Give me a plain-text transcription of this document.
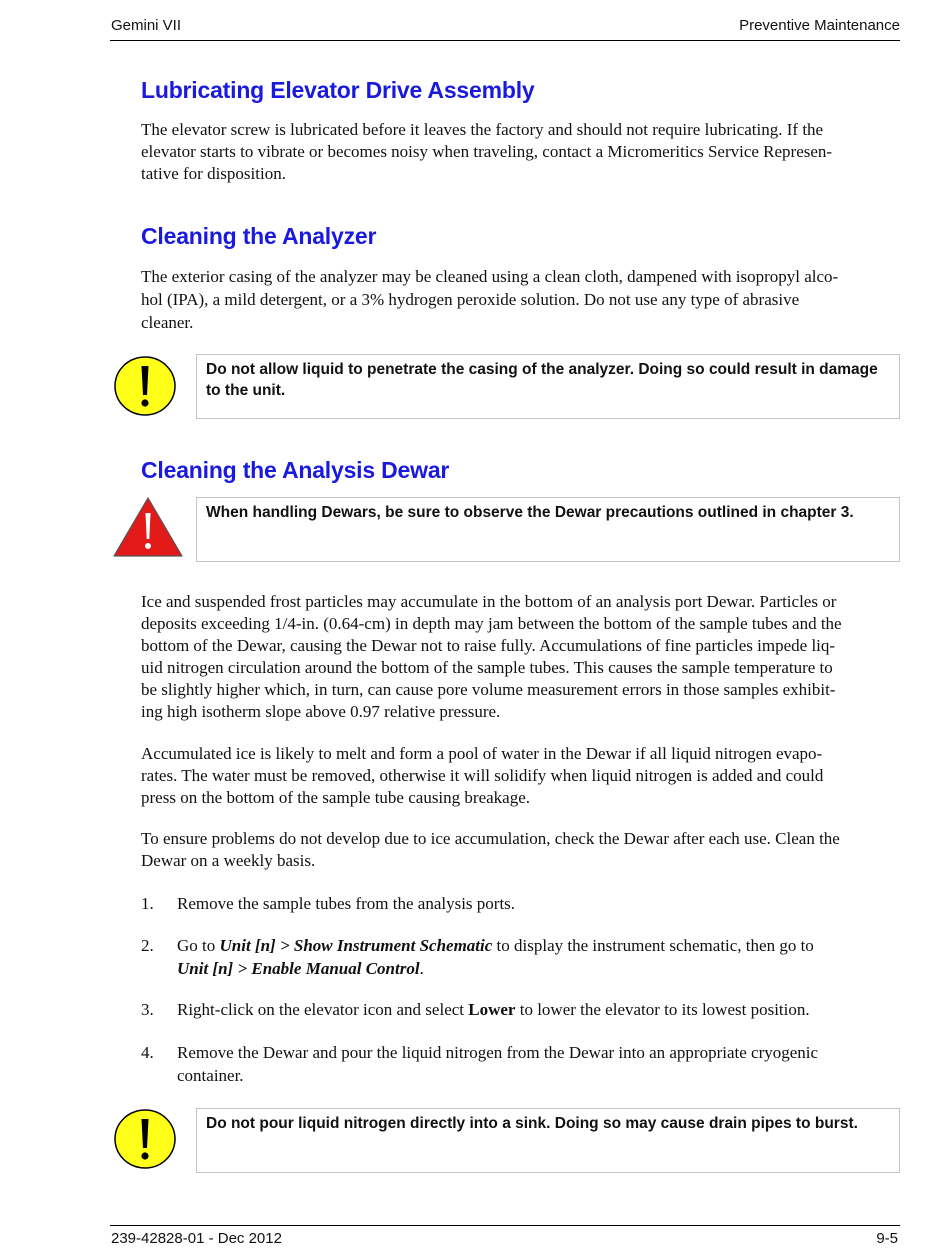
Gemini VII	Preventive Maintenance
Lubricating Elevator Drive Assembly
The elevator screw is lubricated before it leaves the factory and should not require lubricating. If the
elevator starts to vibrate or becomes noisy when traveling, contact a Micromeritics Service Represen-
tative for disposition.
Cleaning the Analyzer
The exterior casing of the analyzer may be cleaned using a clean cloth, dampened with isopropyl alco-
hol (IPA), a mild detergent, or a 3% hydrogen peroxide solution. Do not use any type of abrasive
cleaner.
Do not allow liquid to penetrate the casing of the analyzer. Doing so could result in damage to the unit.
Cleaning the Analysis Dewar
When handling Dewars, be sure to observe the Dewar precautions outlined in chapter 3.
Ice and suspended frost particles may accumulate in the bottom of an analysis port Dewar. Particles or
deposits exceeding 1/4-in. (0.64-cm) in depth may jam between the bottom of the sample tubes and the
bottom of the Dewar, causing the Dewar not to raise fully. Accumulations of fine particles impede liq-
uid nitrogen circulation around the bottom of the sample tubes. This causes the sample temperature to
be slightly higher which, in turn, can cause pore volume measurement errors in those samples exhibit-
ing high isotherm slope above 0.97 relative pressure.
Accumulated ice is likely to melt and form a pool of water in the Dewar if all liquid nitrogen evapo-
rates. The water must be removed, otherwise it will solidify when liquid nitrogen is added and could
press on the bottom of the sample tube causing breakage.
To ensure problems do not develop due to ice accumulation, check the Dewar after each use. Clean the
Dewar on a weekly basis.
1. Remove the sample tubes from the analysis ports.
2. Go to Unit [n] > Show Instrument Schematic to display the instrument schematic, then go to
Unit [n] > Enable Manual Control.
3. Right-click on the elevator icon and select Lower to lower the elevator to its lowest position.
4. Remove the Dewar and pour the liquid nitrogen from the Dewar into an appropriate cryogenic
container.
Do not pour liquid nitrogen directly into a sink. Doing so may cause drain pipes to burst.
239-42828-01 - Dec 2012	9-5
